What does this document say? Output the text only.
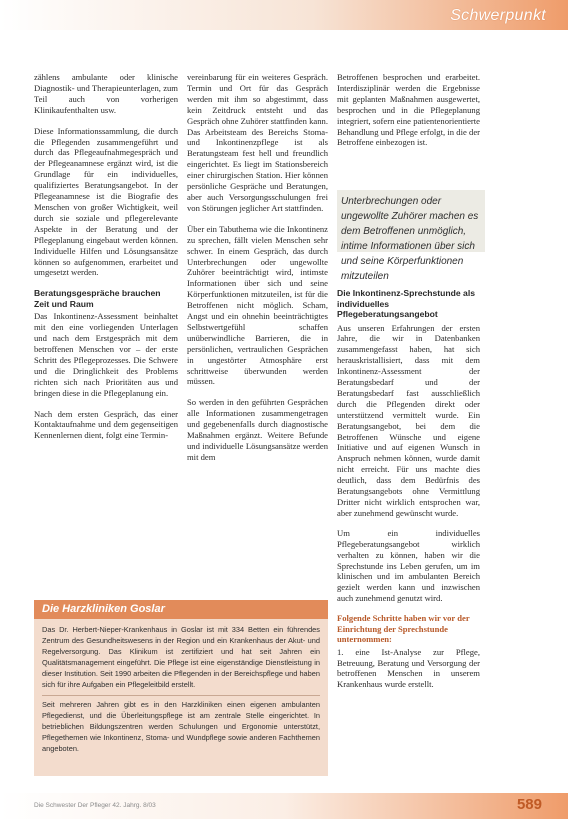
Schwerpunkt

zählens ambulante oder klinische Diagnostik- und Therapieunterlagen, zum Teil auch von vorherigen Klinikaufenthalten usw.

Diese Informationssammlung, die durch die Pflegenden zusammengeführt und durch das Pflegeaufnahmegespräch und der Pflegeanamnese ergänzt wird, ist die Grundlage für ein individuelles, qualifiziertes Beratungsangebot. In der Pflegeanamnese ist die Biografie des Menschen von großer Wichtigkeit, weil durch sie soziale und pflegerelevante Aspekte in der Beratung und der Pflegeplanung eingebaut werden können. Individuelle Hilfen und Lösungsansätze können so aufgenommen, erarbeitet und umgesetzt werden.

Beratungsgespräche brauchen Zeit und Raum

Das Inkontinenz-Assessment beinhaltet mit den eine vorliegenden Unterlagen und nach dem Erstgespräch mit dem betroffenen Menschen vor – der erste Schritt des Pflegeprozesses. Die Schwere und die Dringlichkeit des Problems richten sich nach Prioritäten aus und bringen diese in die Pflegeplanung ein.

Nach dem ersten Gespräch, das einer Kontaktaufnahme und dem gegenseitigen Kennenlernen dient, folgt eine Termin-

vereinbarung für ein weiteres Gespräch. Termin und Ort für das Gespräch werden mit ihm so abgestimmt, dass kein Zeitdruck entsteht und das Gespräch ohne Zuhörer stattfinden kann. Das Arbeitsteam des Bereichs Stoma- und Inkontinenzpflege ist als Beratungsteam fest hell und freundlich eingerichtet. Es liegt im Stationsbereich einer chirurgischen Station. Hier können persönliche Gespräche und Beratungen, aber auch Versorgungsschulungen frei von Störungen jeglicher Art stattfinden.

Über ein Tabuthema wie die Inkontinenz zu sprechen, fällt vielen Menschen sehr schwer. In einem Gespräch, das durch Unterbrechungen oder ungewollte Zuhörer beeinträchtigt wird, intimste Informationen über sich und seine Körperfunktionen mitzuteilen, ist für die Betroffenen nicht möglich. Scham, Angst und ein ohnehin beeinträchtigtes Selbstwertgefühl schaffen unüberwindliche Barrieren, die in persönlichen, vertraulichen Gesprächen in ungestörter Atmosphäre erst schrittweise überwunden werden müssen.

So werden in den geführten Gesprächen alle Informationen zusammengetragen und gegebenenfalls durch diagnostische Maßnahmen ergänzt. Weitere Befunde und individuelle Lösungsansätze werden mit dem

Betroffenen besprochen und erarbeitet. Interdisziplinär werden die Ergebnisse mit geplanten Maßnahmen ausgewertet, besprochen und in die Pflegeplanung integriert, sofern eine patientenorientierte Behandlung und Pflege erfolgt, in die der Betroffene einbezogen ist.

Unterbrechungen oder ungewollte Zuhörer machen es dem Betroffenen unmöglich, intime Informationen über sich und seine Körperfunktionen mitzuteilen
Die Inkontinenz-Sprechstunde als individuelles Pflegeberatungsangebot

Aus unseren Erfahrungen der ersten Jahre, die wir in Datenbanken zusammengefasst haben, hat sich herauskristallisiert, dass mit dem Inkontinenz-Assessment der Beratungsbedarf und der Beratungsbedarf fast ausschließlich durch die Pflegenden direkt oder unterstützend vermittelt wurde. Ein Beratungsangebot, bei dem die Betroffenen Wünsche und eigene Initiative und auf eigenen Wunsch in Anspruch nehmen können, wurde damit nicht erreicht. Für uns machte dies deutlich, dass dem Bedürfnis des Beratungsangebots ohne Vermittlung Dritter nicht wirklich entsprochen war, aber zunehmend gewünscht wurde.

Um ein individuelles Pflegeberatungsangebot wirklich verhalten zu können, haben wir die Sprechstunde ins Leben gerufen, um im klinischen und im ambulanten Bereich gezielt werden kann und inzwischen auch zunehmend genutzt wird.

Folgende Schritte haben wir vor der Einrichtung der Sprechstunde unternommen:

1. eine Ist-Analyse zur Pflege, Betreuung, Beratung und Versorgung der betroffenen Menschen in unserem Krankenhaus wurde erstellt.

Die Harzkliniken Goslar

Das Dr. Herbert-Nieper-Krankenhaus in Goslar ist mit 334 Betten ein führendes Zentrum des Gesundheitswesens in der Region und ein Krankenhaus der Akut- und Regelversorgung. Das Klinikum ist zertifiziert und hat seit Jahren ein Qualitätsmanagement eingeführt. Die Pflege ist eine eigenständige Dienstleistung in dieser Institution. Seit 1990 arbeiten die Pflegenden in der Bereichspflege und haben sich für ihre Aufgaben ein Pflegeleitbild erstellt.

Seit mehreren Jahren gibt es in den Harzkliniken einen eigenen ambulanten Pflegedienst, und die Überleitungspflege ist am zentrale Stelle eingerichtet. In betrieblichen Bildungszentren werden Schulungen und Ergonomie unterstützt, Pflegethemen wie Inkontinenz, Stoma- und Wundpflege sowie anderen Fachthemen angeboten.

Die Schwester Der Pfleger 42. Jahrg. 8/03	589
